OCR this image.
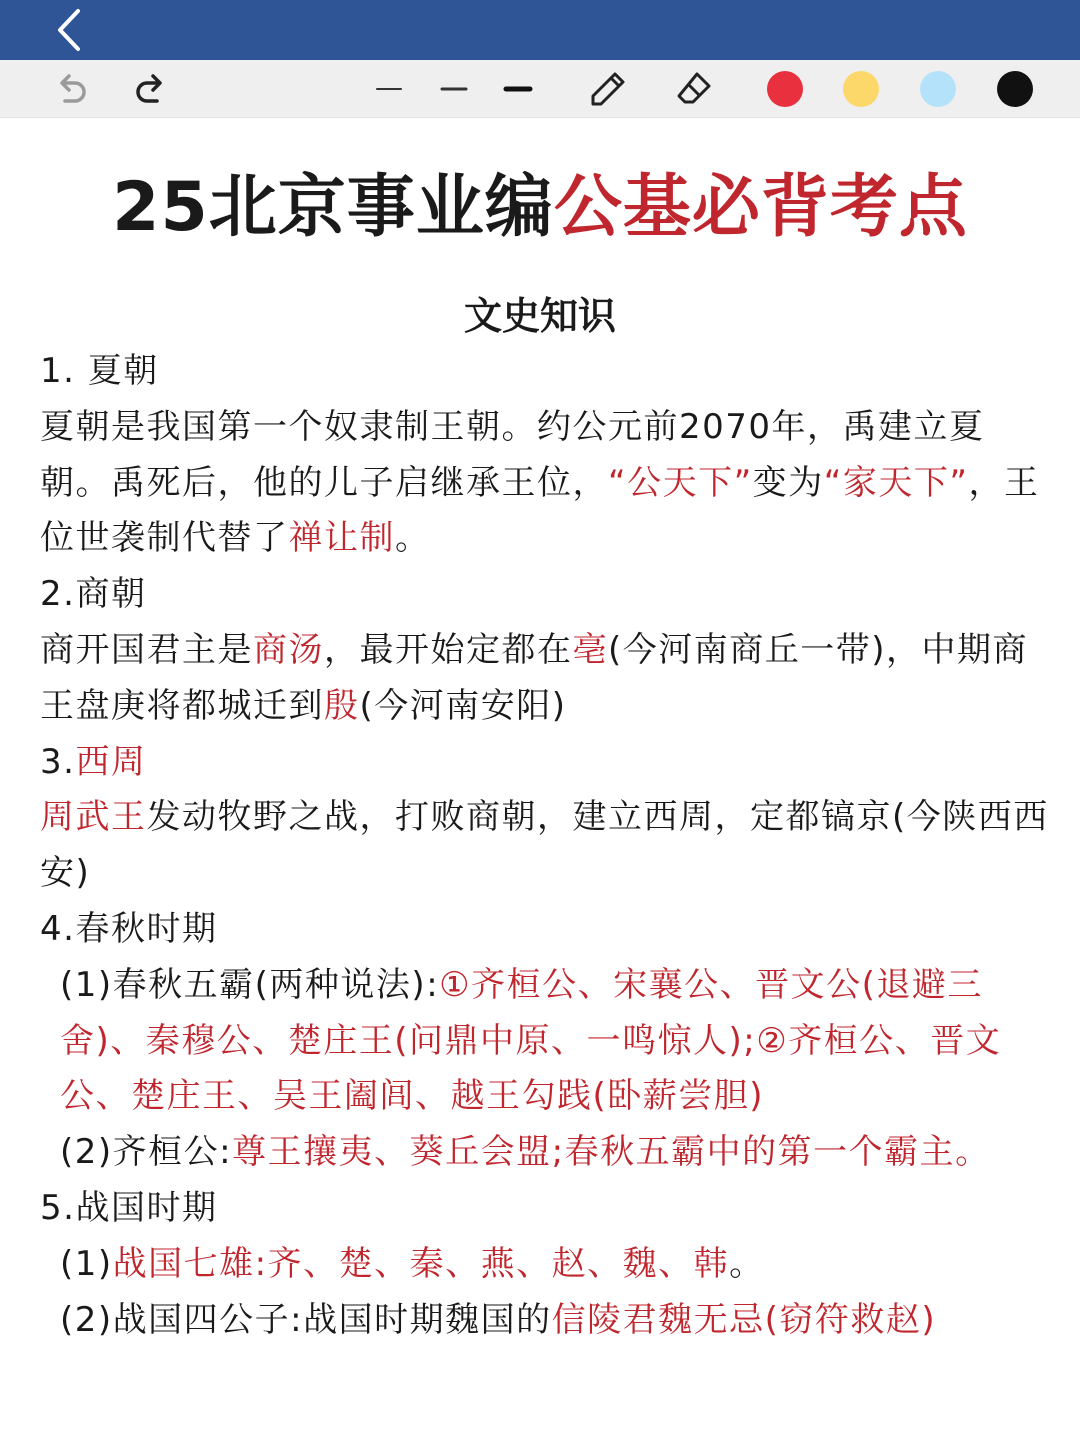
25北京事业编公基必背考点
文史知识

1. 夏朝

夏朝是我国第一个奴隶制王朝。约公元前2070年，禹建立夏朝。禹死后，他的儿子启继承王位，“公天下”变为“家天下”，王位世袭制代替了禅让制。

2.商朝

商开国君主是商汤，最开始定都在亳(今河南商丘一带)，中期商王盘庚将都城迁到殷(今河南安阳)

3.西周

周武王发动牧野之战，打败商朝，建立西周，定都镐京(今陕西西安)

4.春秋时期

(1)春秋五霸(两种说法):①齐桓公、宋襄公、晋文公(退避三舍)、秦穆公、楚庄王(问鼎中原、一鸣惊人);②齐桓公、晋文公、楚庄王、吴王阖闾、越王勾践(卧薪尝胆)

(2)齐桓公:尊王攘夷、葵丘会盟;春秋五霸中的第一个霸主。

5.战国时期

(1)战国七雄:齐、楚、秦、燕、赵、魏、韩。

(2)战国四公子:战国时期魏国的信陵君魏无忌(窃符救赵)
